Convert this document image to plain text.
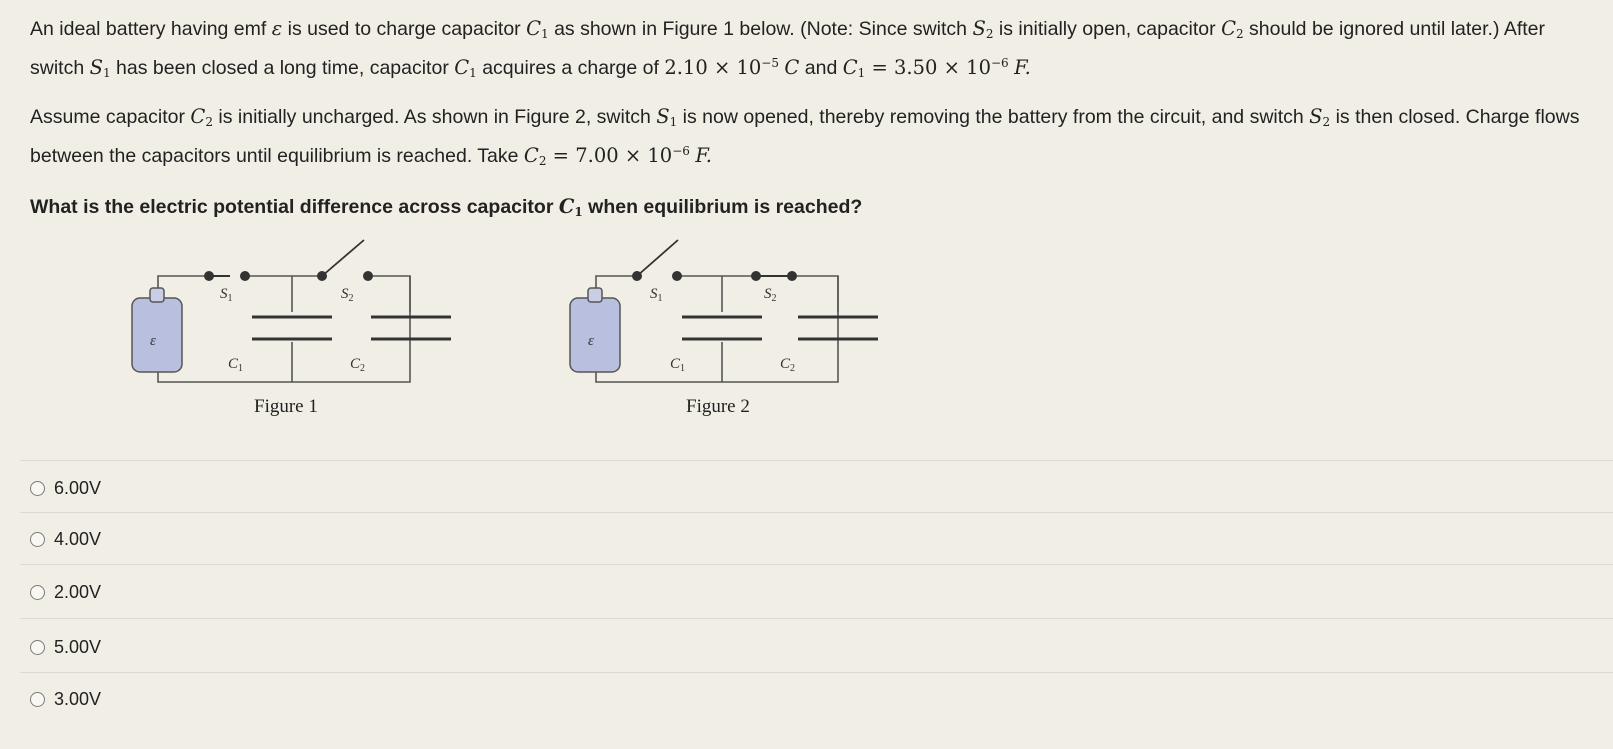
An ideal battery having emf ε is used to charge capacitor $C_1$ as shown in Figure 1 below. (Note: Since switch $S_2$ is initially open, capacitor $C_2$ should be ignored until later.) After switch $S_1$ has been closed a long time, capacitor $C_1$ acquires a charge of $2.10 \times 10^{-5}$ C and $C_1 = 3.50 \times 10^{-6}$ F.

Assume capacitor $C_2$ is initially uncharged. As shown in Figure 2, switch $S_1$ is now opened, thereby removing the battery from the circuit, and switch $S_2$ is then closed. Charge flows between the capacitors until equilibrium is reached. Take $C_2 = 7.00 \times 10^{-6}$ F.

What is the electric potential difference across capacitor $C_1$ when equilibrium is reached?

ε
$S_1$	$S_2$
$C_1$	$C_2$
Figure 1
ε
$S_1$	$S_2$
$C_1$	$C_2$
Figure 2
6.00V
4.00V
2.00V
5.00V
3.00V
